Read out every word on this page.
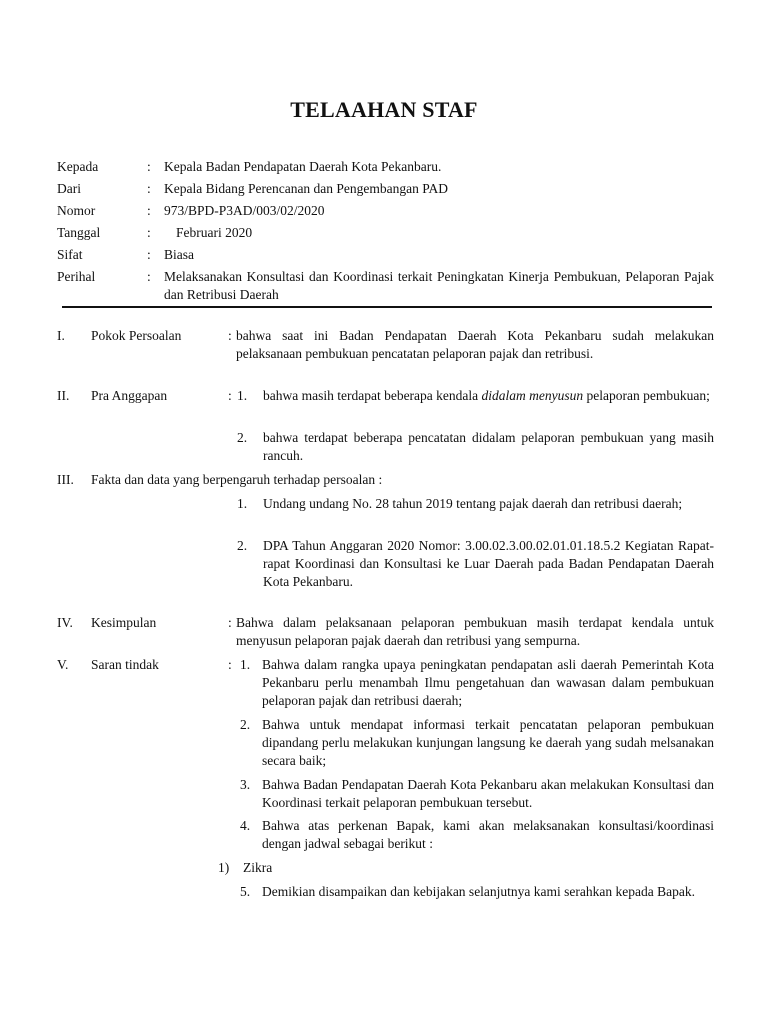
TELAAHAN STAF
Kepada	: Kepala Badan Pendapatan Daerah Kota Pekanbaru.
Dari	: Kepala Bidang Perencanan dan Pengembangan PAD
Nomor	: 973/BPD-P3AD/003/02/2020
Tanggal	: Februari 2020
Sifat	: Biasa
Perihal	: Melaksanakan Konsultasi dan Koordinasi terkait Peningkatan Kinerja Pembukuan, Pelaporan Pajak dan Retribusi Daerah
I. Pokok Persoalan	: bahwa saat ini Badan Pendapatan Daerah Kota Pekanbaru sudah melakukan pelaksanaan pembukuan pencatatan pelaporan pajak dan retribusi.
II. Pra Anggapan	: 1. bahwa masih terdapat beberapa kendala didalam menyusun pelaporan pembukuan;
2. bahwa terdapat beberapa pencatatan didalam pelaporan pembukuan yang masih rancuh.
III. Fakta dan data yang berpengaruh terhadap persoalan :
1. Undang undang No. 28 tahun 2019 tentang pajak daerah dan retribusi daerah;
2. DPA Tahun Anggaran 2020 Nomor: 3.00.02.3.00.02.01.01.18.5.2 Kegiatan Rapat-rapat Koordinasi dan Konsultasi ke Luar Daerah pada Badan Pendapatan Daerah Kota Pekanbaru.
IV. Kesimpulan	: Bahwa dalam pelaksanaan pelaporan pembukuan masih terdapat kendala untuk menyusun pelaporan pajak daerah dan retribusi yang sempurna.
V. Saran tindak	: 1. Bahwa dalam rangka upaya peningkatan pendapatan asli daerah Pemerintah Kota Pekanbaru perlu menambah Ilmu pengetahuan dan wawasan dalam pembukuan pelaporan pajak dan retribusi daerah;
2. Bahwa untuk mendapat informasi terkait pencatatan pelaporan pembukuan dipandang perlu melakukan kunjungan langsung ke daerah yang sudah melsanakan secara baik;
3. Bahwa Badan Pendapatan Daerah Kota Pekanbaru akan melakukan Konsultasi dan Koordinasi terkait pelaporan pembukuan tersebut.
4. Bahwa atas perkenan Bapak, kami akan melaksanakan konsultasi/koordinasi dengan jadwal sebagai berikut :
1) Zikra
5. Demikian disampaikan dan kebijakan selanjutnya kami serahkan kepada Bapak.
